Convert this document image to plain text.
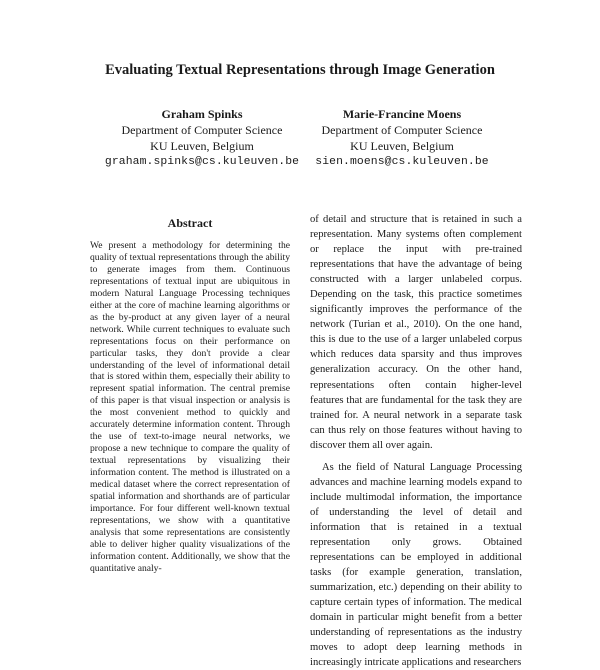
Evaluating Textual Representations through Image Generation
Graham Spinks
Department of Computer Science
KU Leuven, Belgium
graham.spinks@cs.kuleuven.be
Marie-Francine Moens
Department of Computer Science
KU Leuven, Belgium
sien.moens@cs.kuleuven.be
Abstract

We present a methodology for determining the quality of textual representations through the ability to generate images from them. Continuous representations of textual input are ubiquitous in modern Natural Language Processing techniques either at the core of machine learning algorithms or as the by-product at any given layer of a neural network. While current techniques to evaluate such representations focus on their performance on particular tasks, they don't provide a clear understanding of the level of informational detail that is stored within them, especially their ability to represent spatial information. The central premise of this paper is that visual inspection or analysis is the most convenient method to quickly and accurately determine information content. Through the use of text-to-image neural networks, we propose a new technique to compare the quality of textual representations by visualizing their information content. The method is illustrated on a medical dataset where the correct representation of spatial information and shorthands are of particular importance. For four different well-known textual representations, we show with a quantitative analysis that some representations are consistently able to deliver higher quality visualizations of the information content. Additionally, we show that the quantitative analy-

of detail and structure that is retained in such a representation. Many systems often complement or replace the input with pre-trained representations that have the advantage of being constructed with a larger unlabeled corpus. Depending on the task, this practice sometimes significantly improves the performance of the network (Turian et al., 2010). On the one hand, this is due to the use of a larger unlabeled corpus which reduces data sparsity and thus improves generalization accuracy. On the other hand, representations often contain higher-level features that are fundamental for the task they are trained for. A neural network in a separate task can thus rely on those features without having to discover them all over again.

As the field of Natural Language Processing advances and machine learning models expand to include multimodal information, the importance of understanding the level of detail and information that is retained in a textual representation only grows. Obtained representations can be employed in additional tasks (for example generation, translation, summarization, etc.) depending on their ability to capture certain types of information. The medical domain in particular might benefit from a better understanding of representations as the industry moves to adopt deep learning methods in increasingly intricate applications and researchers
